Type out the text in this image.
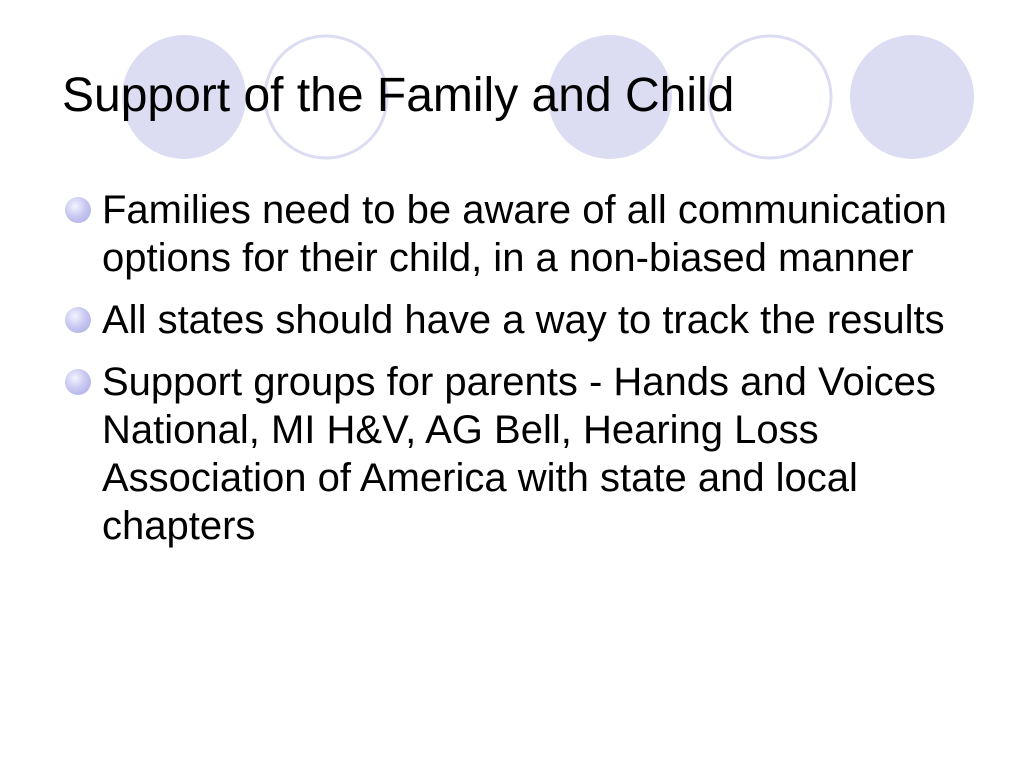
Support of the Family and Child
Families need to be aware of all communication options for their child, in a non-biased manner
All states should have a way to track the results
Support groups for parents - Hands and Voices National, MI H&V, AG Bell, Hearing Loss Association of America with state and local chapters
